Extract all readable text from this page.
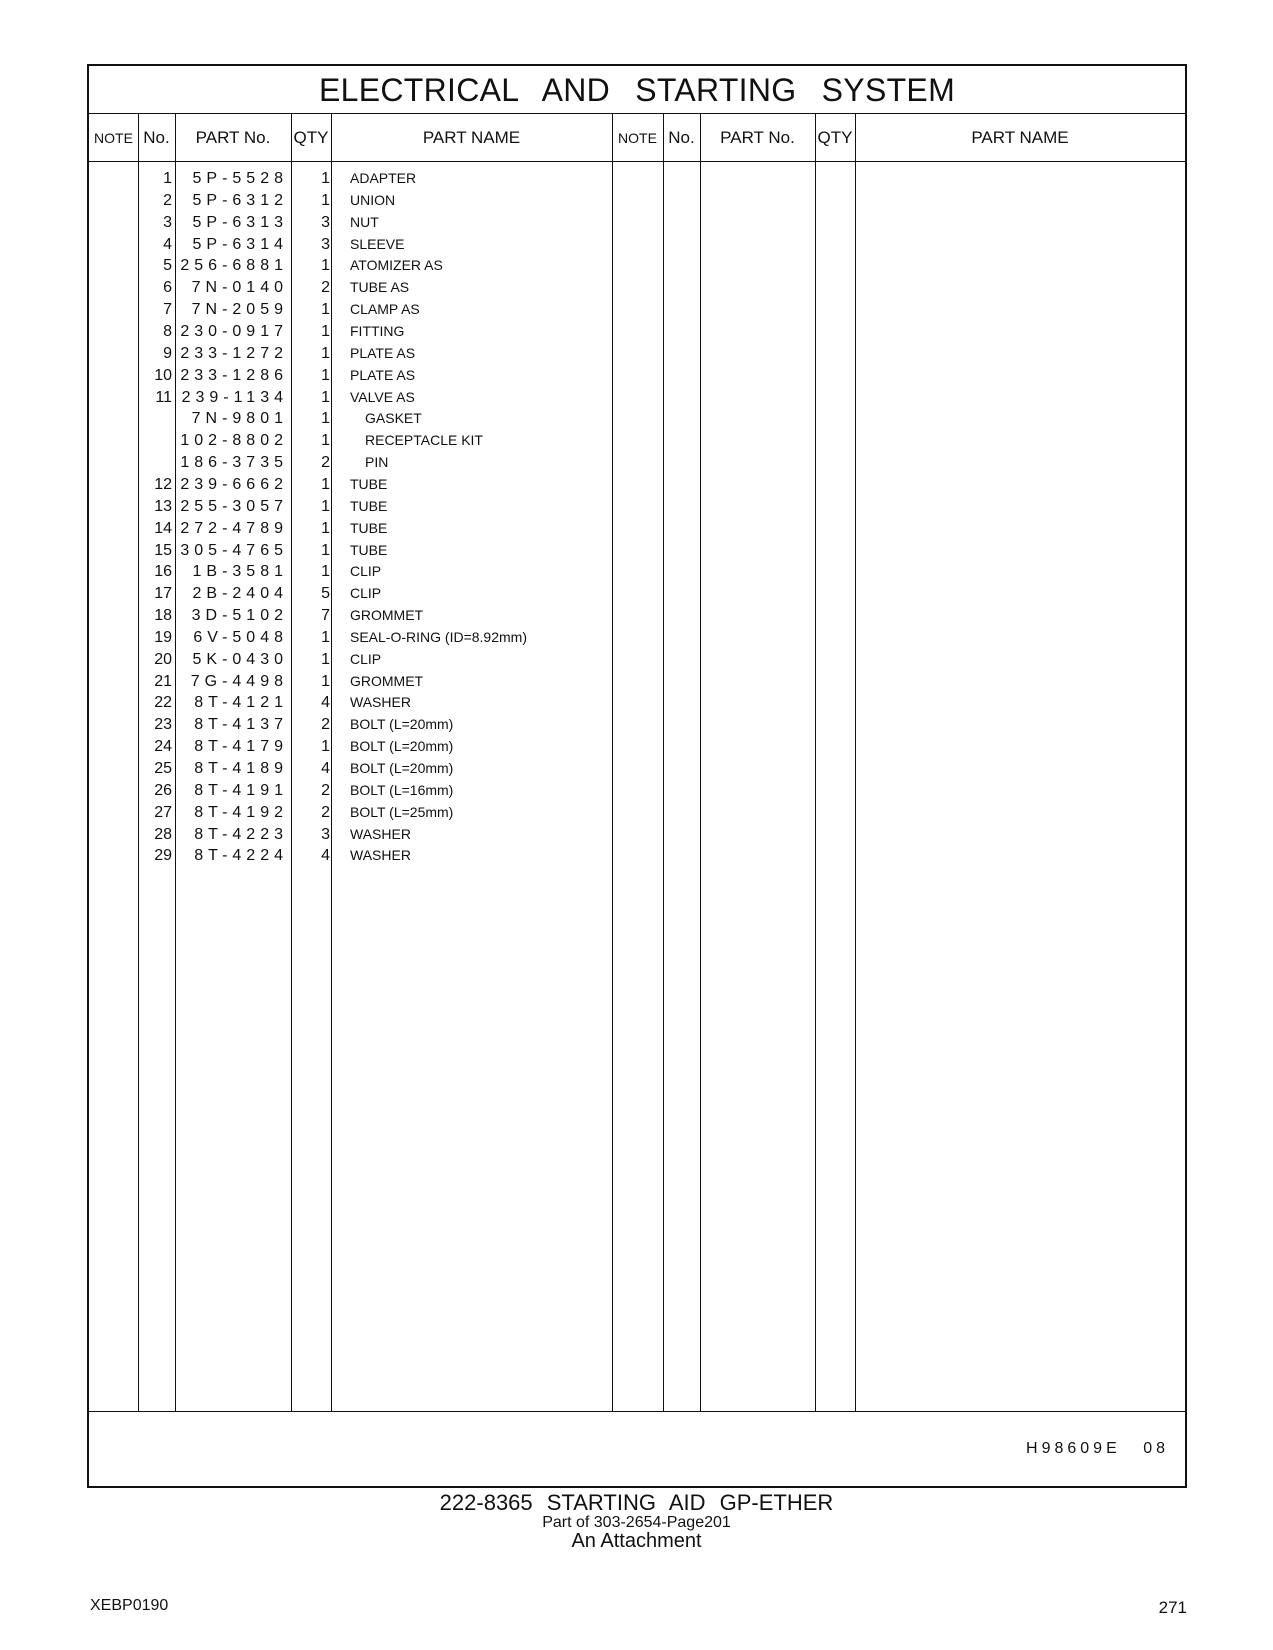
ELECTRICAL AND STARTING SYSTEM
NOTE No.	PART No.	QTY	PART NAME	NOTE No.	PART No.	QTY	PART NAME
1	5P-5528	1 ADAPTER
2	5P-6312	1 UNION
3	5P-6313	3 NUT
4	5P-6314	3 SLEEVE
5 256-6881	1 ATOMIZER AS
6	7N-0140	2 TUBE AS
7	7N-2059	1 CLAMP AS
8 230-0917	1 FITTING
9 233-1272	1 PLATE AS
10 233-1286	1 PLATE AS
11 239-1134	1 VALVE AS
7N-9801	1	GASKET
102-8802	1	RECEPTACLE KIT
186-3735	2	PIN
12 239-6662	1 TUBE
13 255-3057	1 TUBE
14 272-4789	1 TUBE
15 305-4765	1 TUBE
16	1B-3581	1 CLIP
17	2B-2404	5 CLIP
18	3D-5102	7 GROMMET
19	6V-5048	1 SEAL-O-RING (ID=8.92mm)
20	5K-0430	1 CLIP
21	7G-4498	1 GROMMET
22	8T-4121	4 WASHER
23	8T-4137	2 BOLT (L=20mm)
24	8T-4179	1 BOLT (L=20mm)
25	8T-4189	4 BOLT (L=20mm)
26	8T-4191	2 BOLT (L=16mm)
27	8T-4192	2 BOLT (L=25mm)
28	8T-4223	3 WASHER
29	8T-4224	4 WASHER
H98609E 08
222-8365 STARTING AID GP-ETHER
Part of 303-2654-Page201
An Attachment
XEBP0190	271
